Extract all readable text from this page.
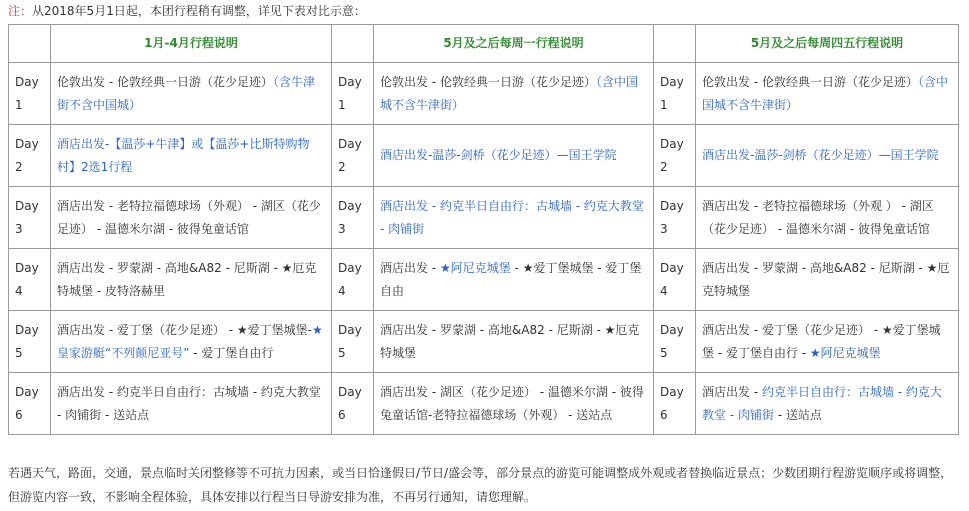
注：从2018年5月1日起，本团行程稍有调整，详见下表对比示意：
	1月-4月行程说明		5月及之后每周一行程说明		5月及之后每周四五行程说明
Day1	伦敦出发 - 伦敦经典一日游（花少足迹）（含牛津街不含中国城）	Day1	伦敦出发 - 伦敦经典一日游（花少足迹）（含中国城不含牛津街）	Day1	伦敦出发 - 伦敦经典一日游（花少足迹）（含中国城不含牛津街）
Day2	酒店出发-【温莎+牛津】或【温莎+比斯特购物村】2选1行程	Day2	酒店出发-温莎-剑桥（花少足迹）—国王学院	Day2	酒店出发-温莎-剑桥（花少足迹）—国王学院
Day3	酒店出发 - 老特拉福德球场（外观） - 湖区（花少足迹） - 温德米尔湖 - 彼得兔童话馆	Day3	酒店出发 - 约克半日自由行：古城墙 - 约克大教堂 - 肉铺街	Day3	酒店出发 - 老特拉福德球场（外观 ） - 湖区（花少足迹） - 温德米尔湖 - 彼得兔童话馆
Day4	酒店出发 - 罗蒙湖 - 高地&A82 - 尼斯湖 - ★厄克特城堡 - 皮特洛赫里	Day4	酒店出发 - ★阿尼克城堡 - ★爱丁堡城堡 - 爱丁堡自由	Day4	酒店出发 - 罗蒙湖 - 高地&A82 - 尼斯湖 - ★厄克特城堡
Day5	酒店出发 - 爱丁堡（花少足迹） - ★爱丁堡城堡-★皇家游艇“不列颠尼亚号” - 爱丁堡自由行	Day5	酒店出发 - 罗蒙湖 - 高地&A82 - 尼斯湖 - ★厄克特城堡	Day5	酒店出发 - 爱丁堡（花少足迹） - ★爱丁堡城堡 - 爱丁堡自由行 - ★阿尼克城堡
Day6	酒店出发 - 约克半日自由行：古城墙 - 约克大教堂 - 肉铺街 - 送站点	Day6	酒店出发 - 湖区（花少足迹） - 温德米尔湖 - 彼得兔童话馆-老特拉福德球场（外观） - 送站点	Day6	酒店出发 - 约克半日自由行：古城墙 - 约克大教堂 - 肉铺街 - 送站点
若遇天气，路面，交通，景点临时关闭整修等不可抗力因素，或当日恰逢假日/节日/盛会等，部分景点的游览可能调整成外观或者替换临近景点；少数团期行程游览顺序或将调整，但游览内容一致，不影响全程体验，具体安排以行程当日导游安排为准，不再另行通知，请您理解。
